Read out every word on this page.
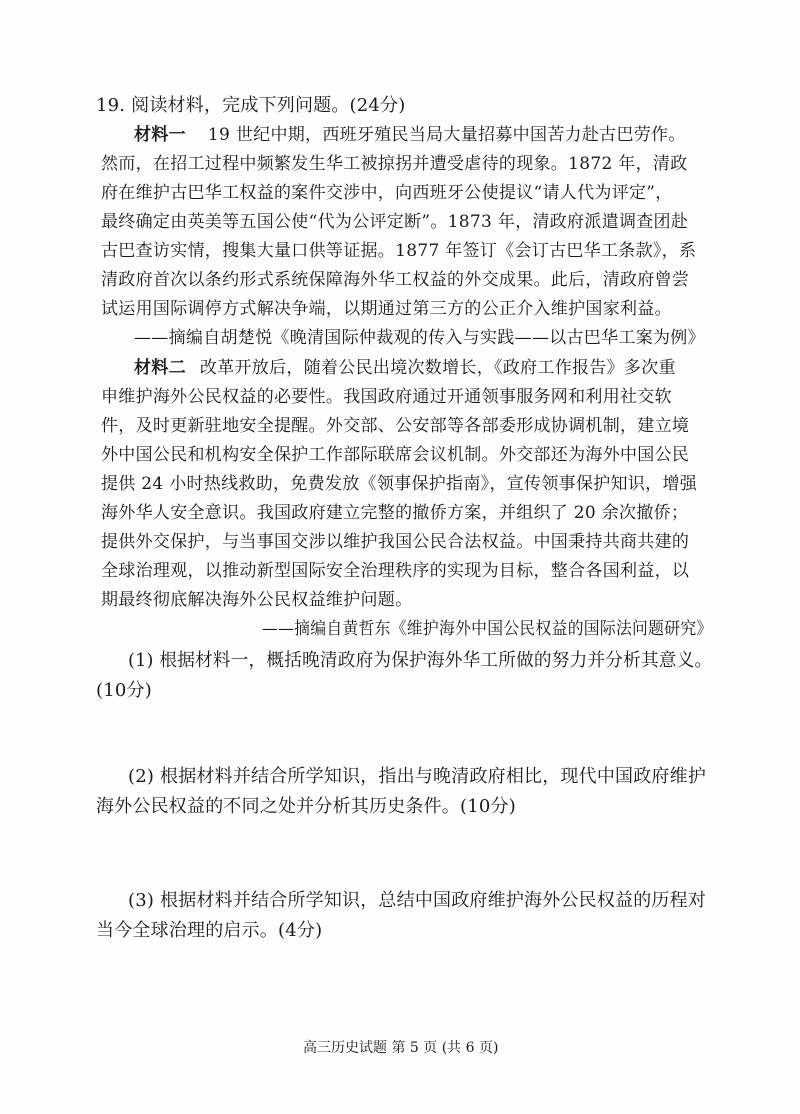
19. 阅读材料，完成下列问题。(24分)
材料一 19 世纪中期，西班牙殖民当局大量招募中国苦力赴古巴劳作。
然而，在招工过程中频繁发生华工被掠拐并遭受虐待的现象。1872 年，清政
府在维护古巴华工权益的案件交涉中，向西班牙公使提议“请人代为评定”，
最终确定由英美等五国公使“代为公评定断”。1873 年，清政府派遣调查团赴
古巴查访实情，搜集大量口供等证据。1877 年签订《会订古巴华工条款》，系
清政府首次以条约形式系统保障海外华工权益的外交成果。此后，清政府曾尝
试运用国际调停方式解决争端，以期通过第三方的公正介入维护国家利益。
——摘编自胡楚悦《晚清国际仲裁观的传入与实践——以古巴华工案为例》
材料二 改革开放后，随着公民出境次数增长，《政府工作报告》多次重
申维护海外公民权益的必要性。我国政府通过开通领事服务网和利用社交软
件，及时更新驻地安全提醒。外交部、公安部等各部委形成协调机制，建立境
外中国公民和机构安全保护工作部际联席会议机制。外交部还为海外中国公民
提供 24 小时热线救助，免费发放《领事保护指南》，宣传领事保护知识，增强
海外华人安全意识。我国政府建立完整的撤侨方案，并组织了 20 余次撤侨；
提供外交保护，与当事国交涉以维护我国公民合法权益。中国秉持共商共建的
全球治理观，以推动新型国际安全治理秩序的实现为目标，整合各国利益，以
期最终彻底解决海外公民权益维护问题。
——摘编自黄哲东《维护海外中国公民权益的国际法问题研究》
(1) 根据材料一，概括晚清政府为保护海外华工所做的努力并分析其意义。
(10分)
(2) 根据材料并结合所学知识，指出与晚清政府相比，现代中国政府维护
海外公民权益的不同之处并分析其历史条件。(10分)
(3) 根据材料并结合所学知识，总结中国政府维护海外公民权益的历程对
当今全球治理的启示。(4分)
高三历史试题 第 5 页 (共 6 页)
